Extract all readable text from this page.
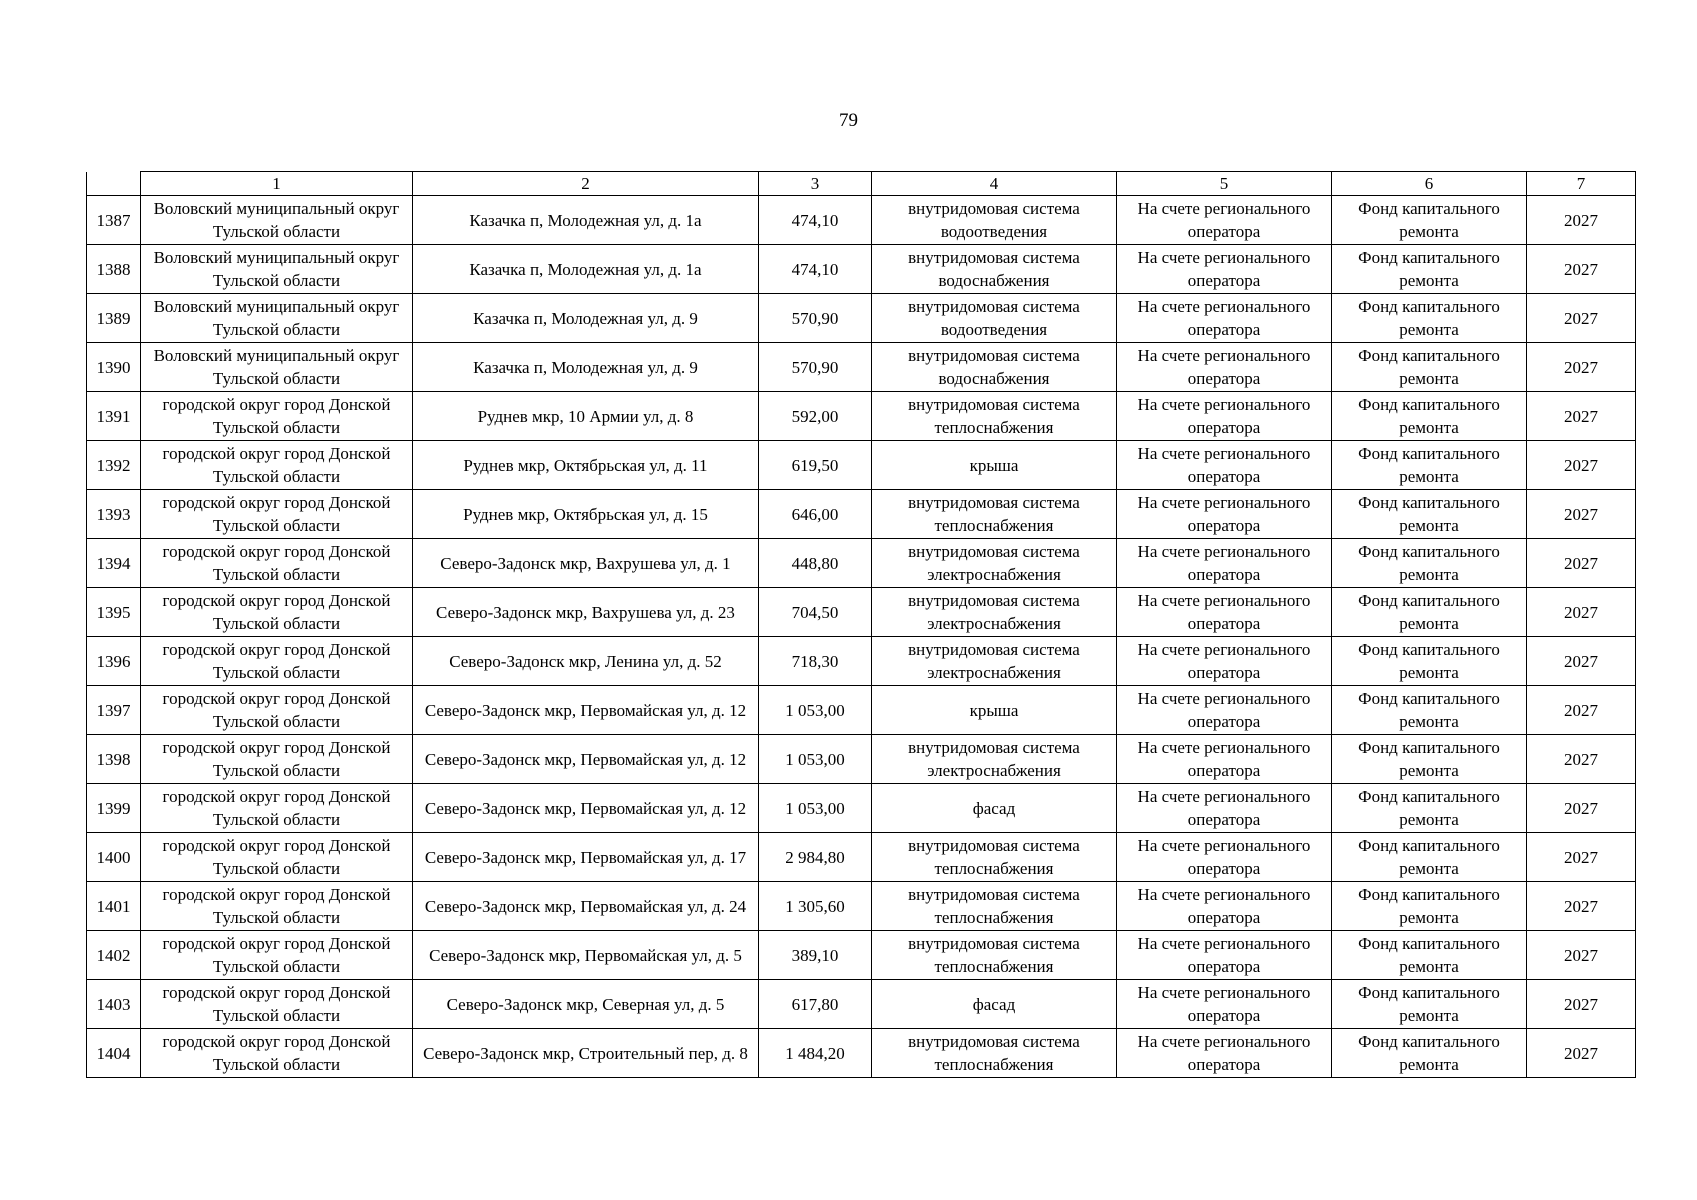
79
	1	2	3	4	5	6	7
1387	Воловский муниципальный округ Тульской области	Казачка п, Молодежная ул, д. 1а	474,10	внутридомовая система водоотведения	На счете регионального оператора	Фонд капитального ремонта	2027
1388	Воловский муниципальный округ Тульской области	Казачка п, Молодежная ул, д. 1а	474,10	внутридомовая система водоснабжения	На счете регионального оператора	Фонд капитального ремонта	2027
1389	Воловский муниципальный округ Тульской области	Казачка п, Молодежная ул, д. 9	570,90	внутридомовая система водоотведения	На счете регионального оператора	Фонд капитального ремонта	2027
1390	Воловский муниципальный округ Тульской области	Казачка п, Молодежная ул, д. 9	570,90	внутридомовая система водоснабжения	На счете регионального оператора	Фонд капитального ремонта	2027
1391	городской округ город Донской Тульской области	Руднев мкр, 10 Армии ул, д. 8	592,00	внутридомовая система теплоснабжения	На счете регионального оператора	Фонд капитального ремонта	2027
1392	городской округ город Донской Тульской области	Руднев мкр, Октябрьская ул, д. 11	619,50	крыша	На счете регионального оператора	Фонд капитального ремонта	2027
1393	городской округ город Донской Тульской области	Руднев мкр, Октябрьская ул, д. 15	646,00	внутридомовая система теплоснабжения	На счете регионального оператора	Фонд капитального ремонта	2027
1394	городской округ город Донской Тульской области	Северо-Задонск мкр, Вахрушева ул, д. 1	448,80	внутридомовая система электроснабжения	На счете регионального оператора	Фонд капитального ремонта	2027
1395	городской округ город Донской Тульской области	Северо-Задонск мкр, Вахрушева ул, д. 23	704,50	внутридомовая система электроснабжения	На счете регионального оператора	Фонд капитального ремонта	2027
1396	городской округ город Донской Тульской области	Северо-Задонск мкр, Ленина ул, д. 52	718,30	внутридомовая система электроснабжения	На счете регионального оператора	Фонд капитального ремонта	2027
1397	городской округ город Донской Тульской области	Северо-Задонск мкр, Первомайская ул, д. 12	1 053,00	крыша	На счете регионального оператора	Фонд капитального ремонта	2027
1398	городской округ город Донской Тульской области	Северо-Задонск мкр, Первомайская ул, д. 12	1 053,00	внутридомовая система электроснабжения	На счете регионального оператора	Фонд капитального ремонта	2027
1399	городской округ город Донской Тульской области	Северо-Задонск мкр, Первомайская ул, д. 12	1 053,00	фасад	На счете регионального оператора	Фонд капитального ремонта	2027
1400	городской округ город Донской Тульской области	Северо-Задонск мкр, Первомайская ул, д. 17	2 984,80	внутридомовая система теплоснабжения	На счете регионального оператора	Фонд капитального ремонта	2027
1401	городской округ город Донской Тульской области	Северо-Задонск мкр, Первомайская ул, д. 24	1 305,60	внутридомовая система теплоснабжения	На счете регионального оператора	Фонд капитального ремонта	2027
1402	городской округ город Донской Тульской области	Северо-Задонск мкр, Первомайская ул, д. 5	389,10	внутридомовая система теплоснабжения	На счете регионального оператора	Фонд капитального ремонта	2027
1403	городской округ город Донской Тульской области	Северо-Задонск мкр, Северная ул, д. 5	617,80	фасад	На счете регионального оператора	Фонд капитального ремонта	2027
1404	городской округ город Донской Тульской области	Северо-Задонск мкр, Строительный пер, д. 8	1 484,20	внутридомовая система теплоснабжения	На счете регионального оператора	Фонд капитального ремонта	2027
